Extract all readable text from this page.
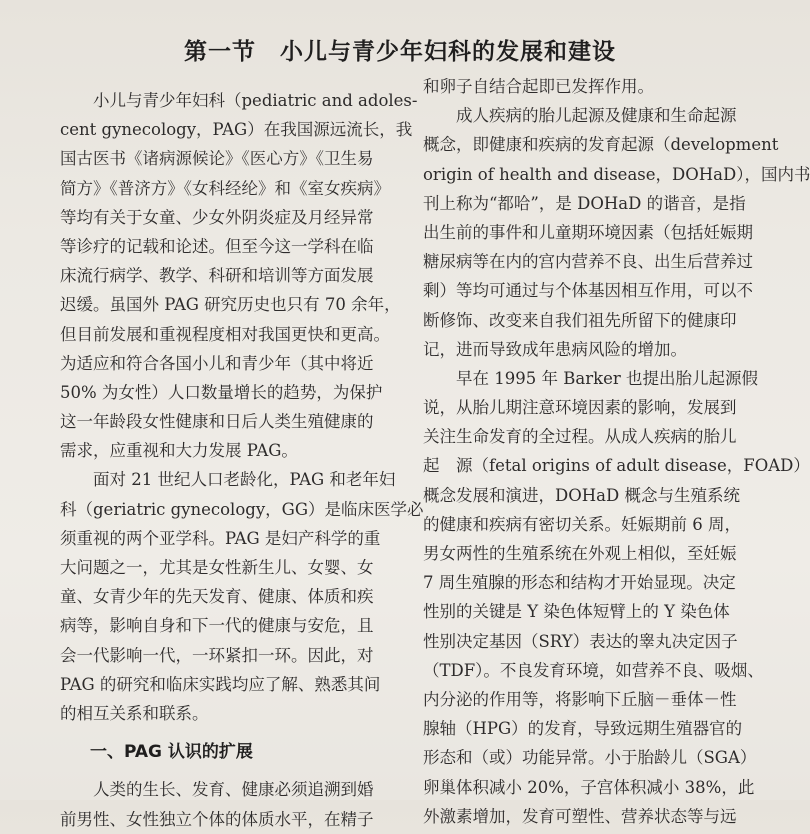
第一节　小儿与青少年妇科的发展和建设
小儿与青少年妇科（pediatric and adoles-
cent gynecology，PAG）在我国源远流长，我
国古医书《诸病源候论》《医心方》《卫生易
简方》《普济方》《女科经纶》和《室女疾病》
等均有关于女童、少女外阴炎症及月经异常
等诊疗的记载和论述。但至今这一学科在临
床流行病学、教学、科研和培训等方面发展
迟缓。虽国外 PAG 研究历史也只有 70 余年，
但目前发展和重视程度相对我国更快和更高。
为适应和符合各国小儿和青少年（其中将近
50% 为女性）人口数量增长的趋势，为保护
这一年龄段女性健康和日后人类生殖健康的
需求，应重视和大力发展 PAG。
面对 21 世纪人口老龄化，PAG 和老年妇
科（geriatric gynecology，GG）是临床医学必
须重视的两个亚学科。PAG 是妇产科学的重
大问题之一，尤其是女性新生儿、女婴、女
童、女青少年的先天发育、健康、体质和疾
病等，影响自身和下一代的健康与安危，且
会一代影响一代，一环紧扣一环。因此，对
PAG 的研究和临床实践均应了解、熟悉其间
的相互关系和联系。
一、PAG 认识的扩展
人类的生长、发育、健康必须追溯到婚
前男性、女性独立个体的体质水平，在精子
和卵子自结合起即已发挥作用。
成人疾病的胎儿起源及健康和生命起源
概念，即健康和疾病的发育起源（development
origin of health and disease，DOHaD），国内书
刊上称为“都哈”，是 DOHaD 的谐音，是指
出生前的事件和儿童期环境因素（包括妊娠期
糖尿病等在内的宫内营养不良、出生后营养过
剩）等均可通过与个体基因相互作用，可以不
断修饰、改变来自我们祖先所留下的健康印
记，进而导致成年患病风险的增加。
早在 1995 年 Barker 也提出胎儿起源假
说，从胎儿期注意环境因素的影响，发展到
关注生命发育的全过程。从成人疾病的胎儿
起　源（fetal origins of adult disease，FOAD）
概念发展和演进，DOHaD 概念与生殖系统
的健康和疾病有密切关系。妊娠期前 6 周，
男女两性的生殖系统在外观上相似，至妊娠
7 周生殖腺的形态和结构才开始显现。决定
性别的关键是 Y 染色体短臂上的 Y 染色体
性别决定基因（SRY）表达的睾丸决定因子
（TDF）。不良发育环境，如营养不良、吸烟、
内分泌的作用等，将影响下丘脑－垂体－性
腺轴（HPG）的发育，导致远期生殖器官的
形态和（或）功能异常。小于胎龄儿（SGA）
卵巢体积减小 20%，子宫体积减小 38%，此
外激素增加，发育可塑性、营养状态等与远
